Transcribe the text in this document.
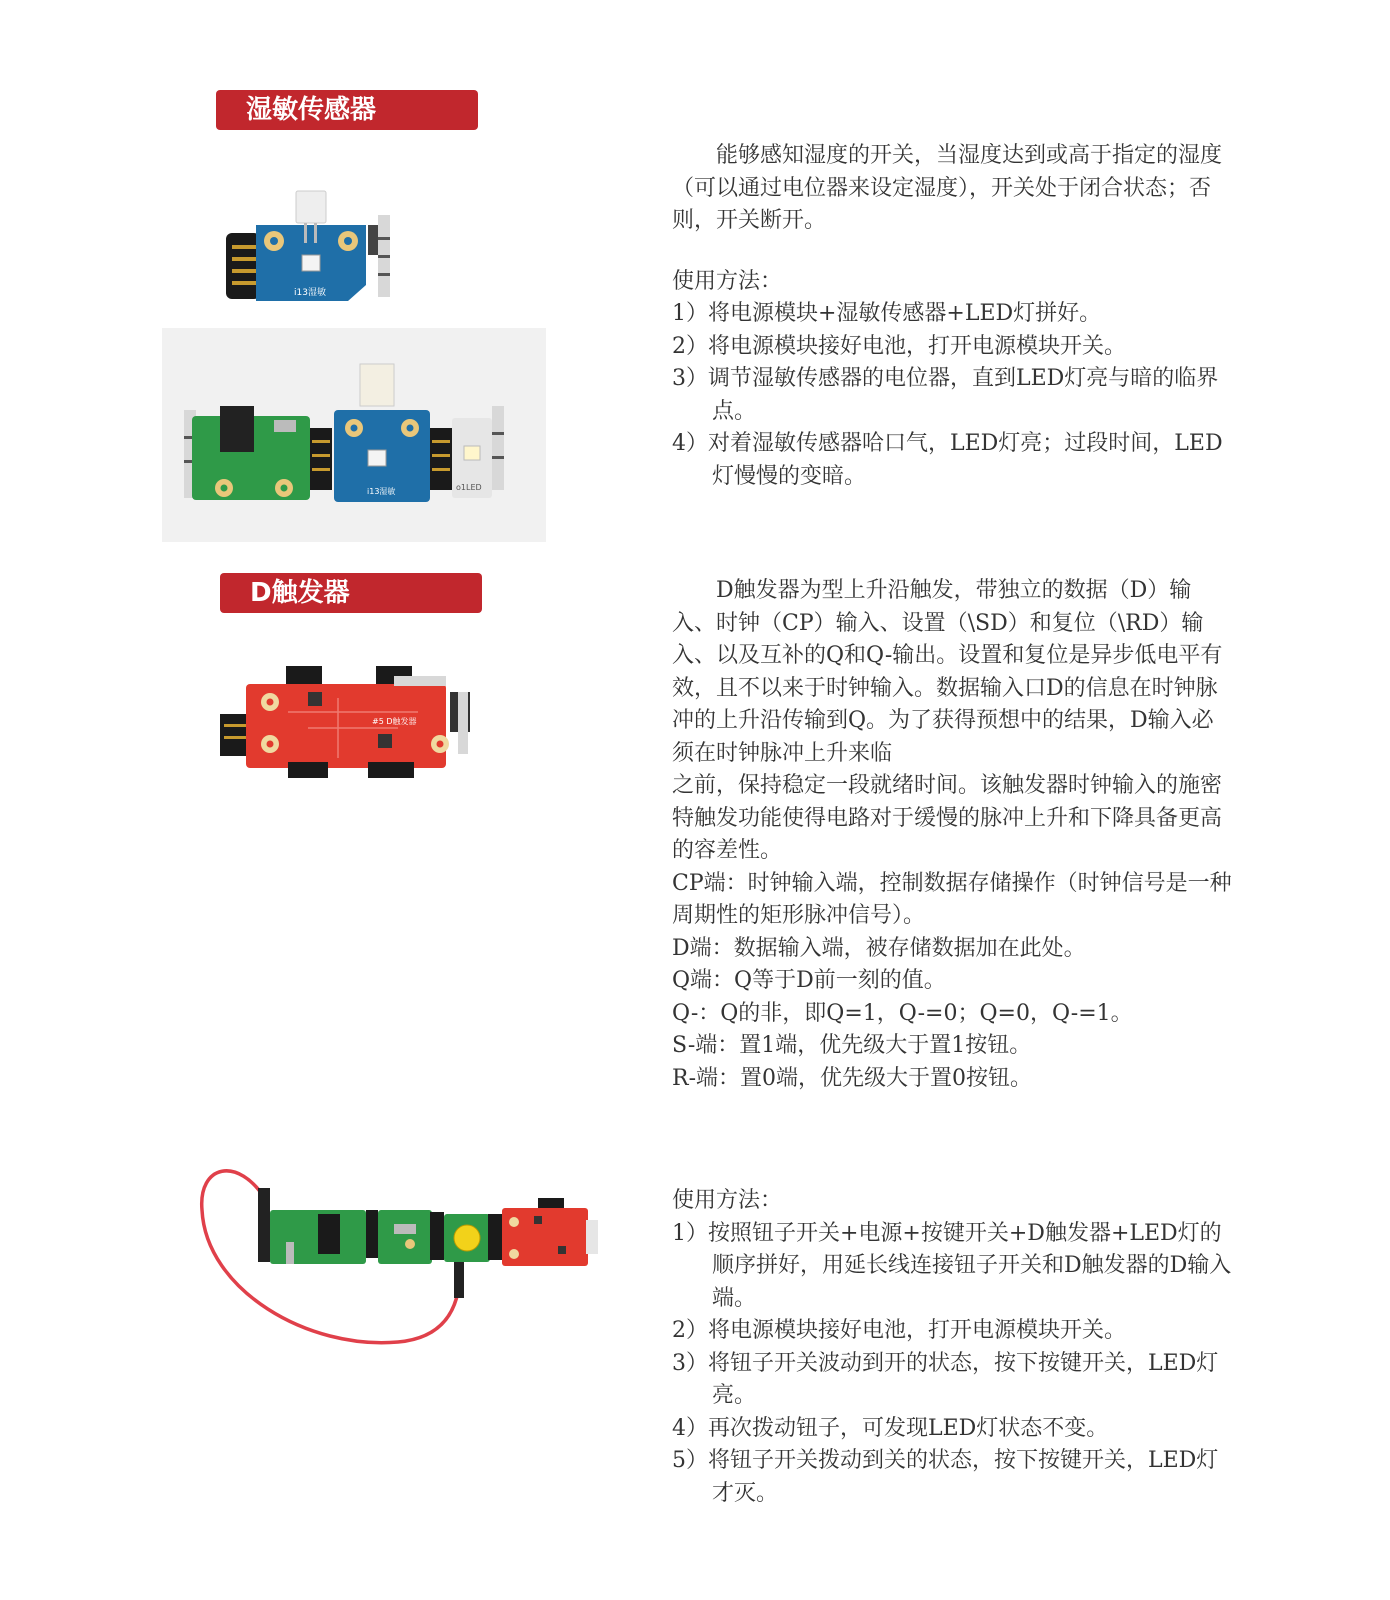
湿敏传感器
i13湿敏
i13湿敏	o1LED

能够感知湿度的开关，当湿度达到或高于指定的湿度（可以通过电位器来设定湿度），开关处于闭合状态；否则，开关断开。

使用方法：

1）将电源模块+湿敏传感器+LED灯拼好。

2）将电源模块接好电池，打开电源模块开关。

3）调节湿敏传感器的电位器，直到LED灯亮与暗的临界点。

4）对着湿敏传感器哈口气，LED灯亮；过段时间，LED灯慢慢的变暗。

D触发器
#5 D触发器

D触发器为型上升沿触发，带独立的数据（D）输入、时钟（CP）输入、设置（\SD）和复位（\RD）输入、以及互补的Q和Q-输出。设置和复位是异步低电平有效，且不以来于时钟输入。数据输入口D的信息在时钟脉冲的上升沿传输到Q。为了获得预想中的结果，D输入必须在时钟脉冲上升来临

之前，保持稳定一段就绪时间。该触发器时钟输入的施密特触发功能使得电路对于缓慢的脉冲上升和下降具备更高的容差性。

CP端：时钟输入端，控制数据存储操作（时钟信号是一种周期性的矩形脉冲信号）。

D端：数据输入端，被存储数据加在此处。

Q端：Q等于D前一刻的值。

Q-：Q的非，即Q=1，Q-=0；Q=0，Q-=1。

S-端：置1端，优先级大于置1按钮。

R-端：置0端，优先级大于置0按钮。

使用方法：

1）按照钮子开关+电源+按键开关+D触发器+LED灯的顺序拼好，用延长线连接钮子开关和D触发器的D输入端。

2）将电源模块接好电池，打开电源模块开关。

3）将钮子开关波动到开的状态，按下按键开关，LED灯亮。

4）再次拨动钮子，可发现LED灯状态不变。

5）将钮子开关拨动到关的状态，按下按键开关，LED灯才灭。
